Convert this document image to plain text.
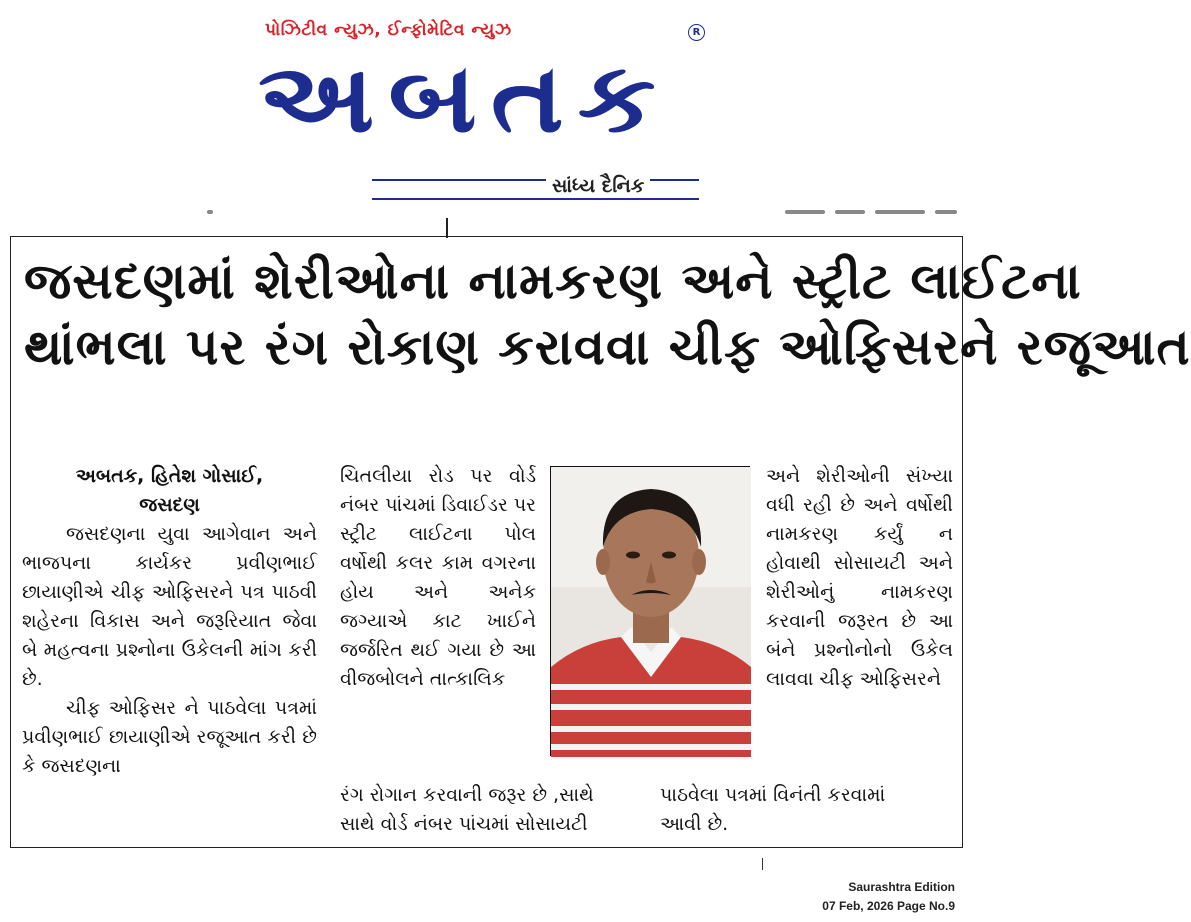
પોઝિટીવ ન્યુઝ, ઈન્ફોમેટિવ ન્યુઝ	R
અબતક
સાંધ્ય દૈનિક
જસદણમાં શેરીઓના નામકરણ અને સ્ટ્રીટ લાઈટના
થાંભલા પર રંગ રોકાણ કરાવવા ચીફ ઓફિસરને રજૂઆત

અબતક, હિતેશ ગોસાઈ,

જસદણ

જસદણના યુવા આગેવાન અને ભાજપના કાર્યકર પ્રવીણભાઈ છાયાણીએ ચીફ ઓફિસરને પત્ર પાઠવી શહેરના વિકાસ અને જરૂરિયાત જેવા બે મહત્વના પ્રશ્નોના ઉકેલની માંગ કરી છે.

ચીફ ઓફિસર ને પાઠવેલા પત્રમાં પ્રવીણભાઈ છાયાણીએ રજૂઆત કરી છે કે જસદણના

ચિતલીયા રોડ પર વોર્ડ નંબર પાંચમાં ડિવાઈડર પર સ્ટ્રીટ લાઈટના પોલ વર્ષોથી કલર કામ વગરના હોય અને અનેક જગ્યાએ કાટ ખાઈને જર્જરિત થઈ ગયા છે આ વીજબોલને તાત્કાલિક

રંગ રોગાન કરવાની જરૂર છે ,સાથે

સાથે વોર્ડ નંબર પાંચમાં સોસાયટી

અને શેરીઓની સંખ્યા વધી રહી છે અને વર્ષોથી નામકરણ કર્યું ન હોવાથી સોસાયટી અને શેરીઓનું નામકરણ કરવાની જરૂરત છે આ બંને પ્રશ્નોનોનો ઉકેલ લાવવા ચીફ ઓફિસરને

પાઠવેલા પત્રમાં વિનંતી કરવામાં

આવી છે.

Saurashtra Edition
07 Feb, 2026 Page No.9
